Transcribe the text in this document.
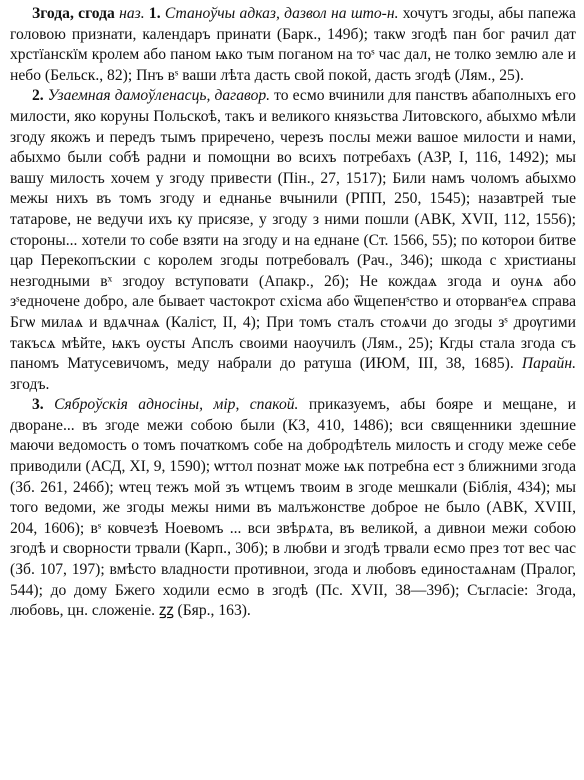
Згода, сгода наз. 1. Станоўчы адказ, дазвол на што-н. хочутъ згоды, абы папежа головою признати, календаръ принати (Барк., 149б); такѡ згодѣ пан бог рачил дат хрстїанскїм кролем або паном ѩко тым поганом на тоˢ час дал, не толко землю але и небо (Бельск., 82); Пнъ вˢ ваши лѣта дасть свой покой, дасть згодѣ (Лям., 25).

2. Узаемная дамоўленасць, дагавор. то есмо вчинили для панствъ абаполныхъ его милости, яко коруны Польскоѣ, такъ и великого князьства Литовского, абыхмо мѣли згоду якожъ и передъ тымъ приречено, черезъ послы межи вашое милости и нами, абыхмо были собѣ радни и помощни во всихъ потребахъ (АЗР, I, 116, 1492); мы вашу милость хочем у згоду привести (Пін., 27, 1517); Били намъ чоломъ абыхмо межы нихъ въ томъ згоду и еднанье вчынили (РПП, 250, 1545); назавтрей тые татарове, не ведучи ихъ ку присязе, у згоду з ними пошли (АВК, XVII, 112, 1556); стороны... хотели то собе взяти на згоду и на еднане (Ст. 1566, 55); по которои битве цар Перекопъскии с королем згоды потребовалъ (Рач., 346); шкода с христианы незгодными вˣ згодоу вступовати (Апакр., 2б); Не кождаѧ згода и оунѧ або зˢедночене добро, але бывает частокрот схісма або ѿщепенˢство и оторванˢеѧ справа Бгѡ милаѧ и вдѧчнаѧ (Каліст, II, 4); При томъ сталъ стоѧчи до згоды зˢ дрѹгими такъсѧ мѣйте, ѩкъ оусты Апслъ своими наоучилъ (Лям., 25); Кгды стала згода съ паномъ Матусевичомъ, меду набрали до ратуша (ИЮМ, III, 38, 1685). Парайн. згодъ.

3. Сяброўскія адносіны, мір, спакой. приказуемъ, абы бояре и мещане, и дворане... въ згоде межи собою были (КЗ, 410, 1486); вси священники здешние маючи ведомость о томъ початкомъ собе на добродѣтель милость и сгоду меже себе приводили (АСД, XI, 9, 1590); ѡттол познат може ѩк потребна ест з ближними згода (Зб. 261, 246б); ѡтец тежъ мой зъ ѡтцемъ твоим в згоде мешкали (Біблія, 434); мы того ведоми, же згоды межы ними въ малъжонстве доброе не было (АВК, XVIII, 204, 1606); вˢ ковчезѣ Ноевомъ ... вси звѣрѧта, въ великой, а дивнои межи собою згодѣ и сворности трвали (Карп., 30б); в любви и згодѣ трвали есмо през тот вес час (Зб. 107, 197); вмѣсто владности противнои, згода и любовъ единостаѧнам (Пралог, 544); до дому Бжего ходили есмо в згодѣ (Пс. XVII, 38—39б); Съгласіе: Згода, любовь, цн. сложеніе. ꙁꙁ (Бяр., 163).
